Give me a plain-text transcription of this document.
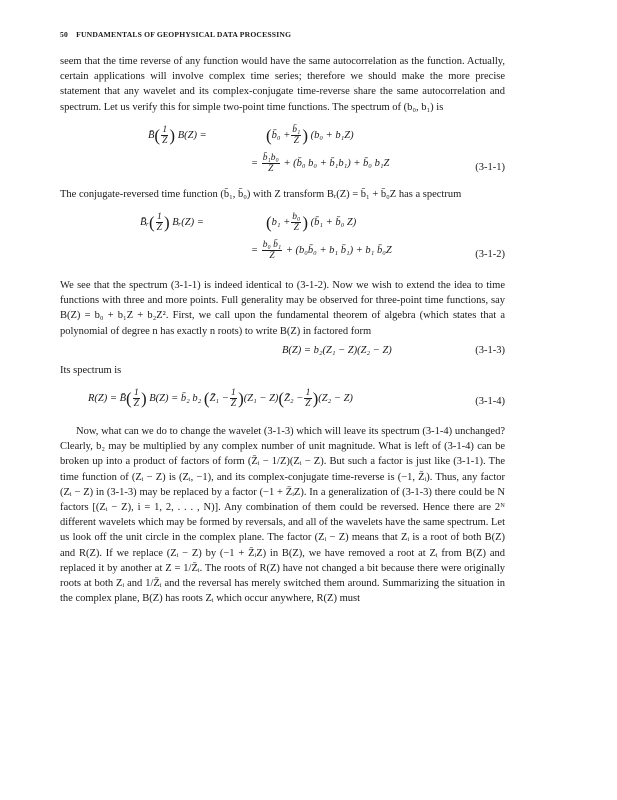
50 FUNDAMENTALS OF GEOPHYSICAL DATA PROCESSING

seem that the time reverse of any function would have the same autocorrelation as the function. Actually, certain applications will involve complex time series; therefore we should make the more precise statement that any wavelet and its complex-conjugate time-reverse share the same autocorrelation and spectrum. Let us verify this for simple two-point time functions. The spectrum of (b₀, b₁) is

B̄( $\frac{1}{Z}$ ) B(Z) =	(b̄₀ + $\frac{\text{b̄₁}}{Z}$ ) (b₀ + b₁Z)
= $\frac{\text{b̄₁b₀}}{Z}$ + (b̄₀ b₀ + b̄₁b₁) + b̄₀ b₁Z	(3-1-1)

The conjugate-reversed time function (b̄₁, b̄₀) with Z transform Bᵣ(Z) = b̄₁ + b̄₀Z has a spectrum

B̄ᵣ( $\frac{1}{Z}$ ) Bᵣ(Z) =	($b_1 + \frac{\text{b₀}}{Z}$ ) (b̄₁ + b̄₀ Z)
= $\frac{\text{b₀ b̄₁}}{Z}$ + (b₀b̄₀ + b₁ b̄₁) + b₁ b̄₀Z	(3-1-2)

We see that the spectrum (3-1-1) is indeed identical to (3-1-2). Now we wish to extend the idea to time functions with three and more points. Full generality may be observed for three-point time functions, say B(Z) = b₀ + b₁Z + b₂Z². First, we call upon the fundamental theorem of algebra (which states that a polynomial of degree n has exactly n roots) to write B(Z) in factored form

B(Z) = b₂(Z₁ − Z)(Z₂ − Z)	(3-1-3)

Its spectrum is

R(Z) = B̄( $\frac{1}{Z}$ ) B(Z) = b̄₂ b₂ (Z̄₁ − $\frac{1}{Z} )(Z_1$ − Z)(Z̄₂ − $\frac{1}{Z} )(Z_2 - Z)$	(3-1-4)

Now, what can we do to change the wavelet (3-1-3) which will leave its spectrum (3-1-4) unchanged? Clearly, b₂ may be multiplied by any complex number of unit magnitude. What is left of (3-1-4) can be broken up into a product of factors of form (Z̄ᵢ − 1/Z)(Zᵢ − Z). But such a factor is just like (3-1-1). The time function of (Zᵢ − Z) is (Zᵢ, −1), and its complex-conjugate time-reverse is (−1, Z̄ᵢ). Thus, any factor (Zᵢ − Z) in (3-1-3) may be replaced by a factor (−1 + Z̄ᵢZ). In a generalization of (3-1-3) there could be N factors [(Zᵢ − Z), i = 1, 2, . . . , N)]. Any combination of them could be reversed. Hence there are 2ᴺ different wavelets which may be formed by reversals, and all of the wavelets have the same spectrum. Let us look off the unit circle in the complex plane. The factor (Zᵢ − Z) means that Zᵢ is a root of both B(Z) and R(Z). If we replace (Zᵢ − Z) by (−1 + Z̄ᵢZ) in B(Z), we have removed a root at Zᵢ from B(Z) and replaced it by another at Z = 1/Z̄ᵢ. The roots of R(Z) have not changed a bit because there were originally roots at both Zᵢ and 1/Z̄ᵢ and the reversal has merely switched them around. Summarizing the situation in the complex plane, B(Z) has roots Zᵢ which occur anywhere, R(Z) must
